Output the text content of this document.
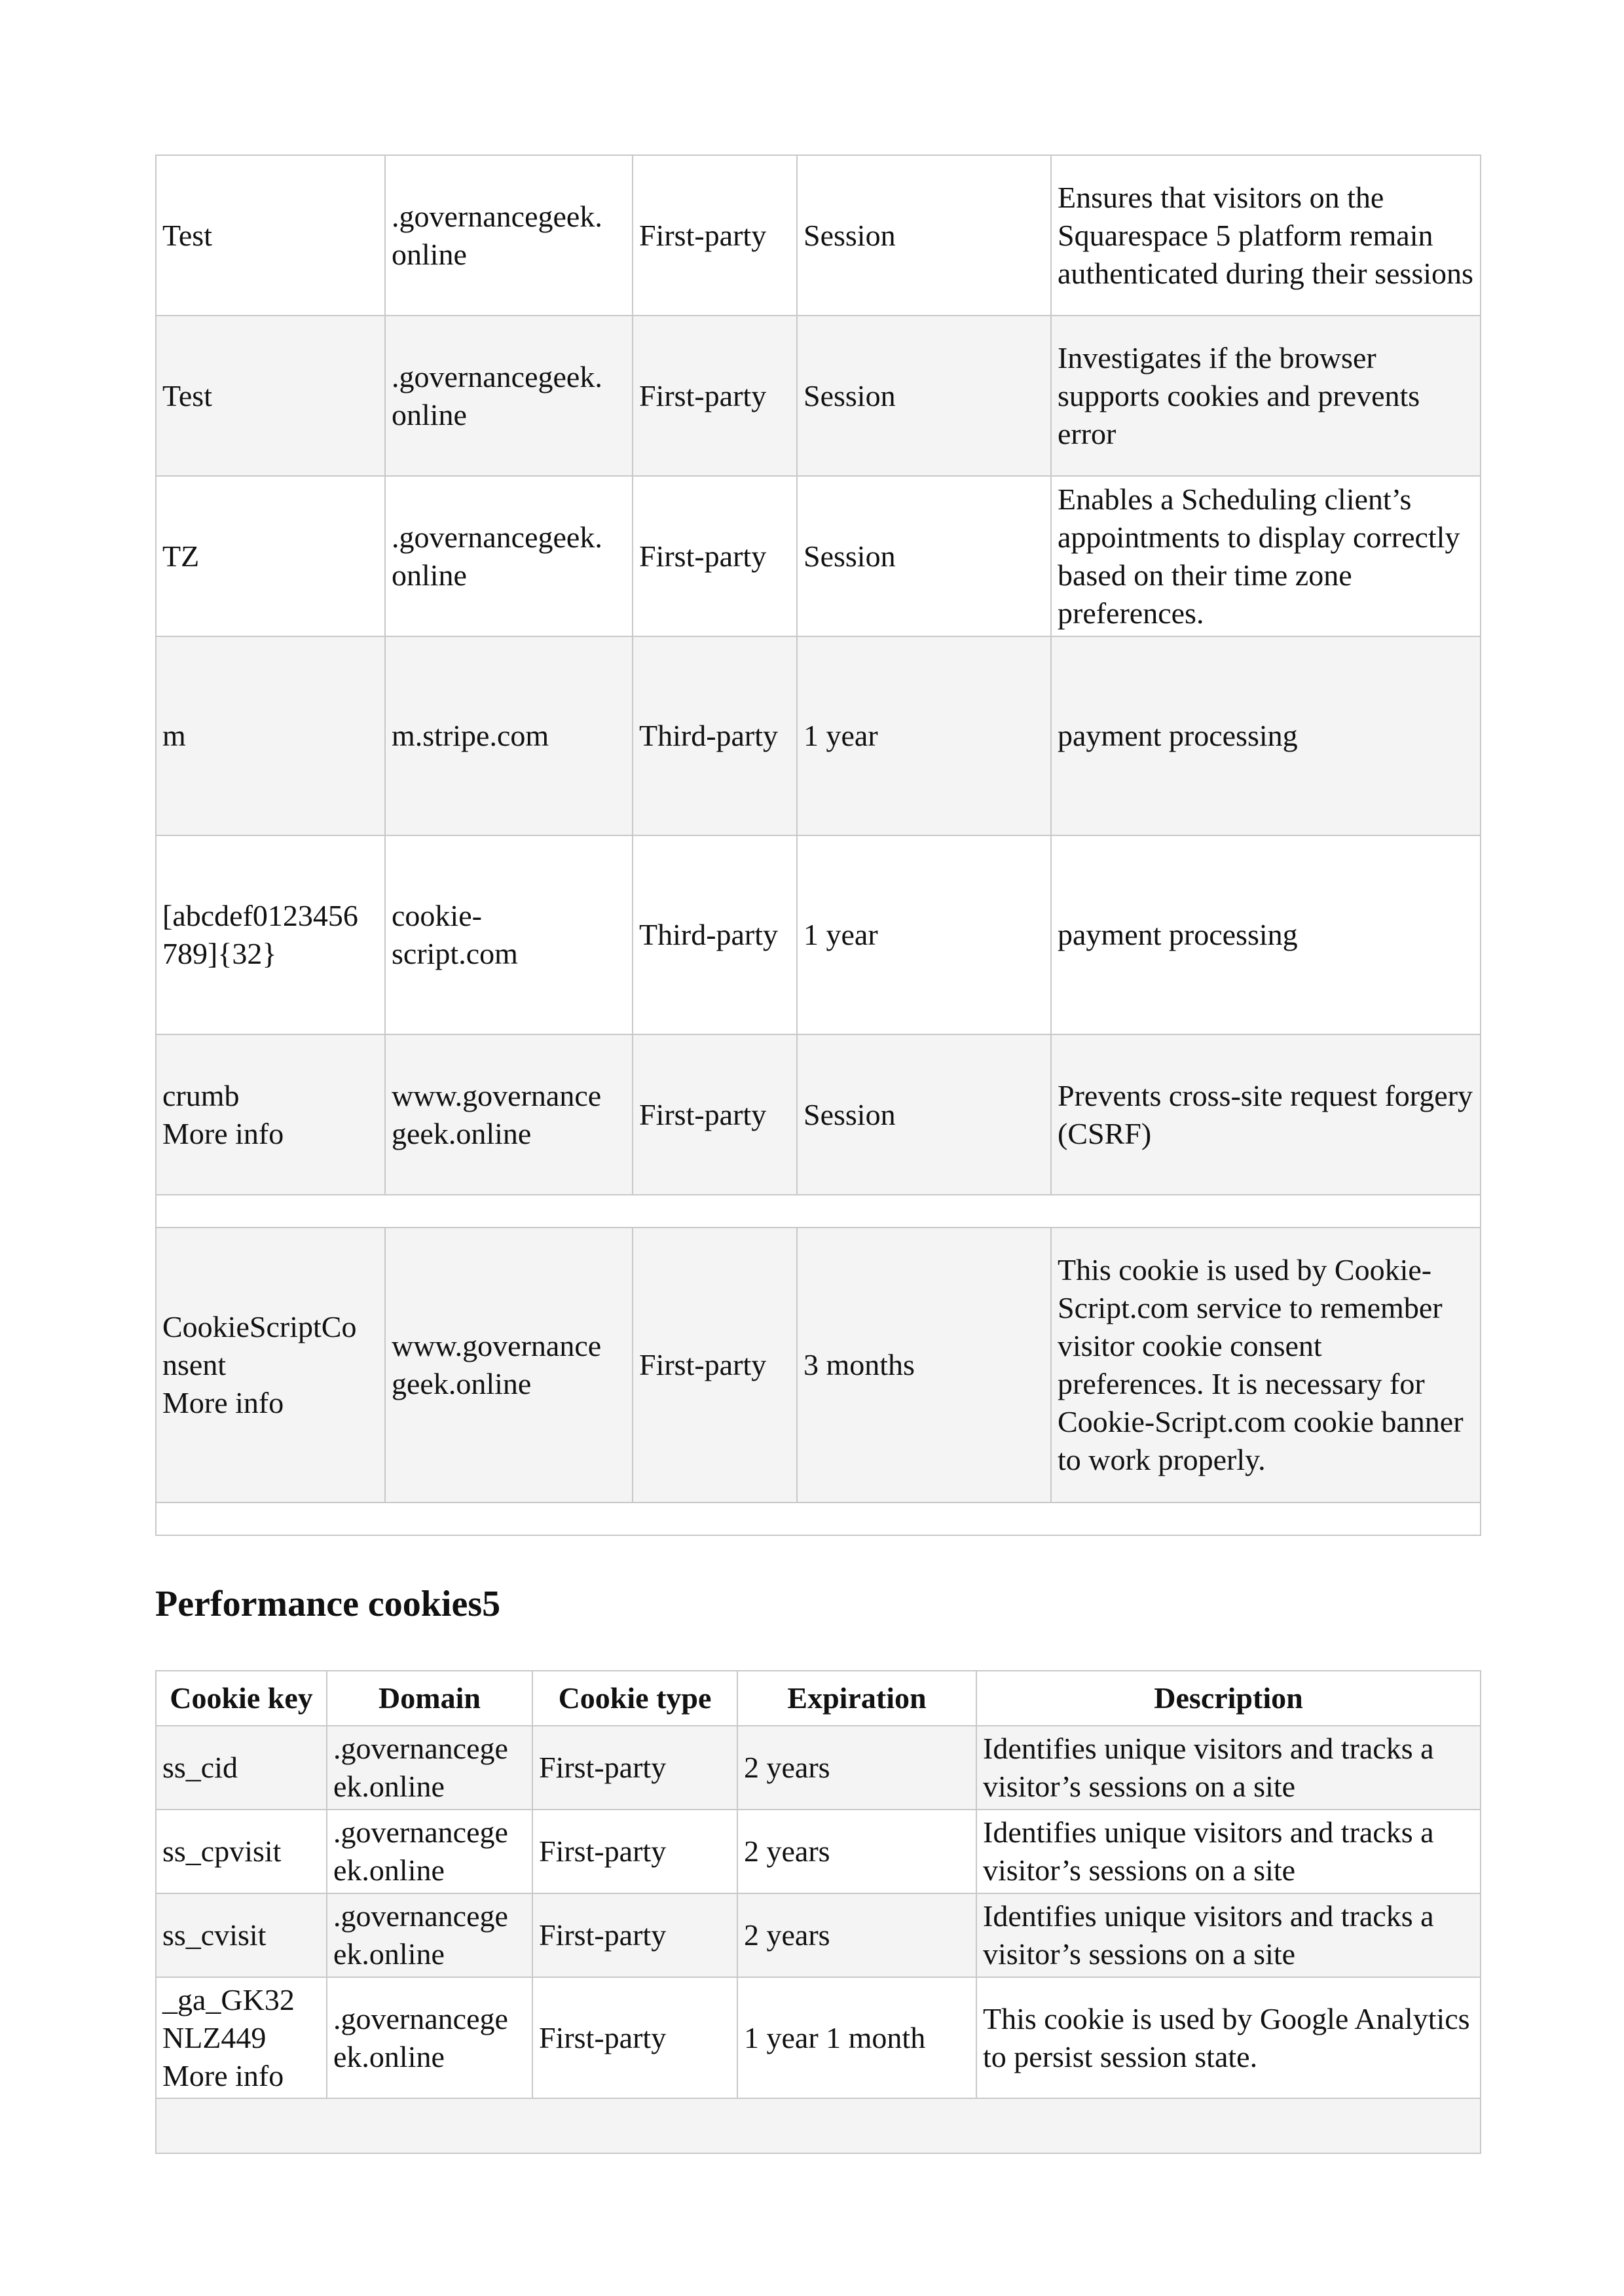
Test	.governancegeek.
online	First-party	Session	Ensures that visitors on the Squarespace 5 platform remain authenticated during their sessions
Test	.governancegeek.
online	First-party	Session	Investigates if the browser supports cookies and prevents error
TZ	.governancegeek.
online	First-party	Session	Enables a Scheduling client’s appointments to display correctly based on their time zone preferences.
m	m.stripe.com	Third-party	1 year	payment processing
[abcdef0123456
789]{32}	cookie-
script.com	Third-party	1 year	payment processing
crumb
More info	www.governance
geek.online	First-party	Session	Prevents cross-site request forgery (CSRF)

CookieScriptCo
nsent
More info	www.governance
geek.online	First-party	3 months	This cookie is used by Cookie-Script.com service to remember visitor cookie consent preferences. It is necessary for Cookie-Script.com cookie banner to work properly.

Performance cookies5
Cookie key	Domain	Cookie type	Expiration	Description
ss_cid	.governancege
ek.online	First-party	2 years	Identifies unique visitors and tracks a visitor’s sessions on a site
ss_cpvisit	.governancege
ek.online	First-party	2 years	Identifies unique visitors and tracks a visitor’s sessions on a site
ss_cvisit	.governancege
ek.online	First-party	2 years	Identifies unique visitors and tracks a visitor’s sessions on a site
_ga_GK32
NLZ449
More info	.governancege
ek.online	First-party	1 year 1 month	This cookie is used by Google Analytics to persist session state.
